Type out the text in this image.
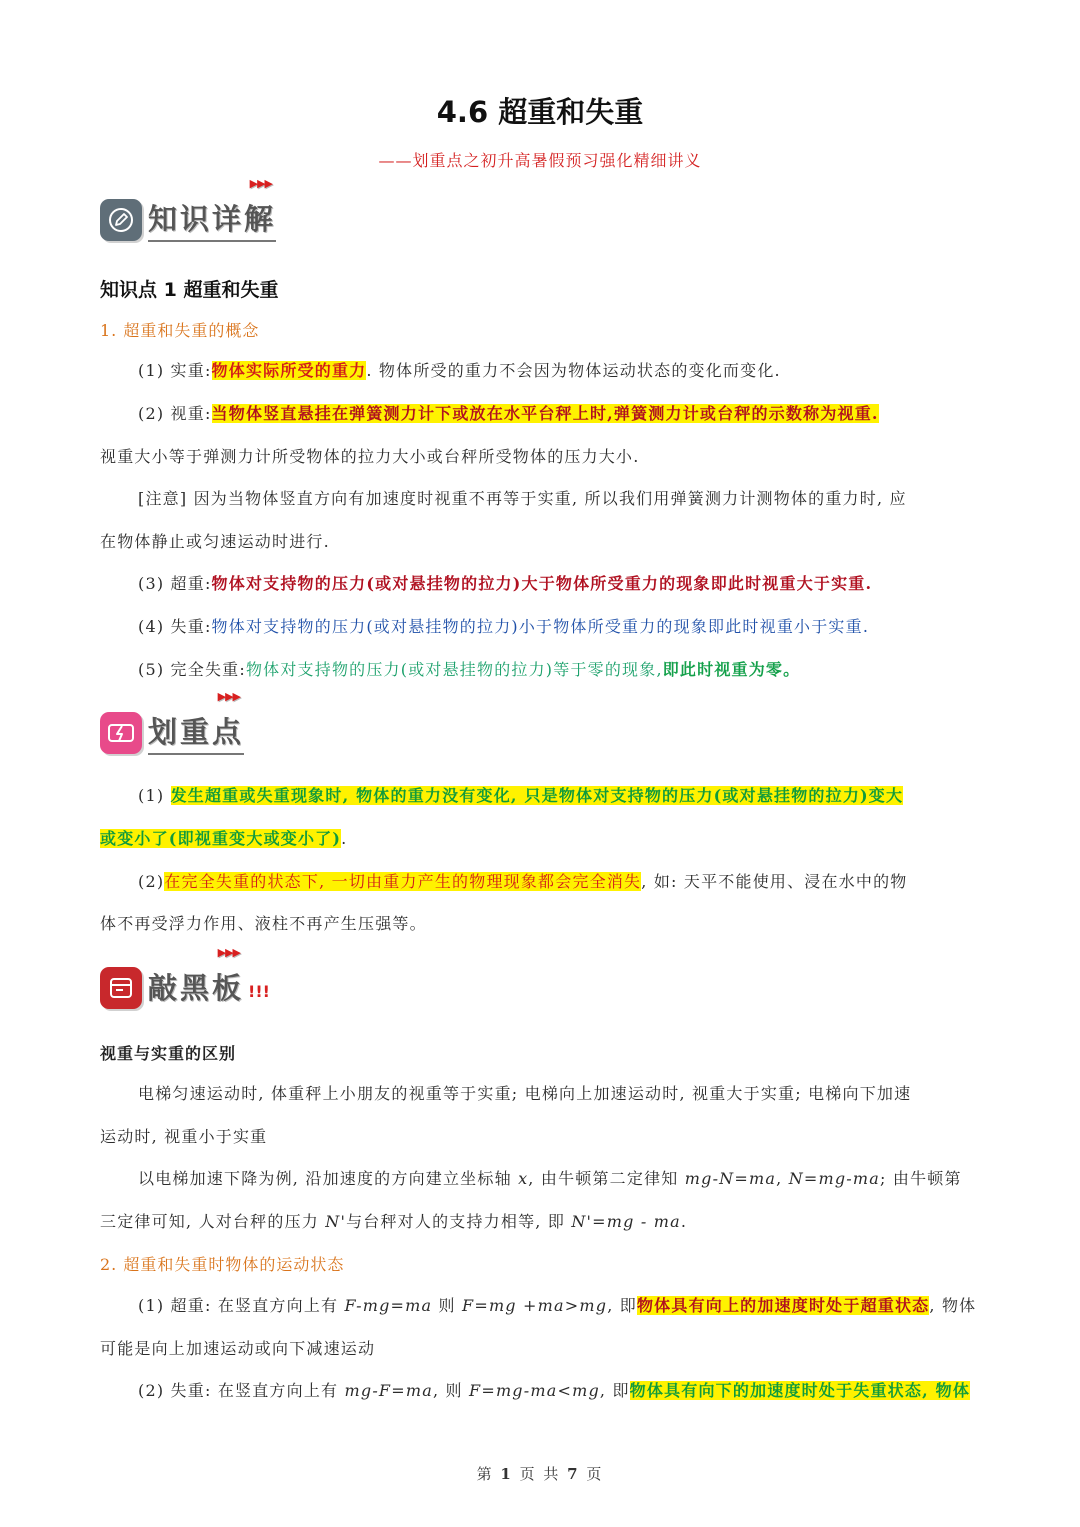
4.6 超重和失重
——划重点之初升高暑假预习强化精细讲义
知识详解
▶▶▶
知识点 1 超重和失重
1. 超重和失重的概念
(1) 实重:物体实际所受的重力. 物体所受的重力不会因为物体运动状态的变化而变化.
(2) 视重:当物体竖直悬挂在弹簧测力计下或放在水平台秤上时,弹簧测力计或台秤的示数称为视重.
视重大小等于弹测力计所受物体的拉力大小或台秤所受物体的压力大小.
[注意] 因为当物体竖直方向有加速度时视重不再等于实重, 所以我们用弹簧测力计测物体的重力时, 应
在物体静止或匀速运动时进行.
(3) 超重:物体对支持物的压力(或对悬挂物的拉力)大于物体所受重力的现象即此时视重大于实重.
(4) 失重:物体对支持物的压力(或对悬挂物的拉力)小于物体所受重力的现象即此时视重小于实重.
(5) 完全失重:物体对支持物的压力(或对悬挂物的拉力)等于零的现象,即此时视重为零。
划重点
▶▶▶
(1) 发生超重或失重现象时, 物体的重力没有变化, 只是物体对支持物的压力(或对悬挂物的拉力)变大
或变小了(即视重变大或变小了).
(2)在完全失重的状态下, 一切由重力产生的物理现象都会完全消失, 如: 天平不能使用、浸在水中的物
体不再受浮力作用、液柱不再产生压强等。
敲黑板
▶▶▶
!!!
视重与实重的区别
电梯匀速运动时, 体重秤上小朋友的视重等于实重; 电梯向上加速运动时, 视重大于实重; 电梯向下加速
运动时, 视重小于实重
以电梯加速下降为例, 沿加速度的方向建立坐标轴 x, 由牛顿第二定律知 mg-N=ma, N=mg-ma; 由牛顿第
三定律可知, 人对台秤的压力 N'与台秤对人的支持力相等, 即 N'=mg - ma.
2. 超重和失重时物体的运动状态
(1) 超重: 在竖直方向上有 F-mg=ma 则 F=mg +ma>mg, 即物体具有向上的加速度时处于超重状态, 物体
可能是向上加速运动或向下减速运动
(2) 失重: 在竖直方向上有 mg-F=ma, 则 F=mg-ma<mg, 即物体具有向下的加速度时处于失重状态, 物体
第 1 页 共 7 页
